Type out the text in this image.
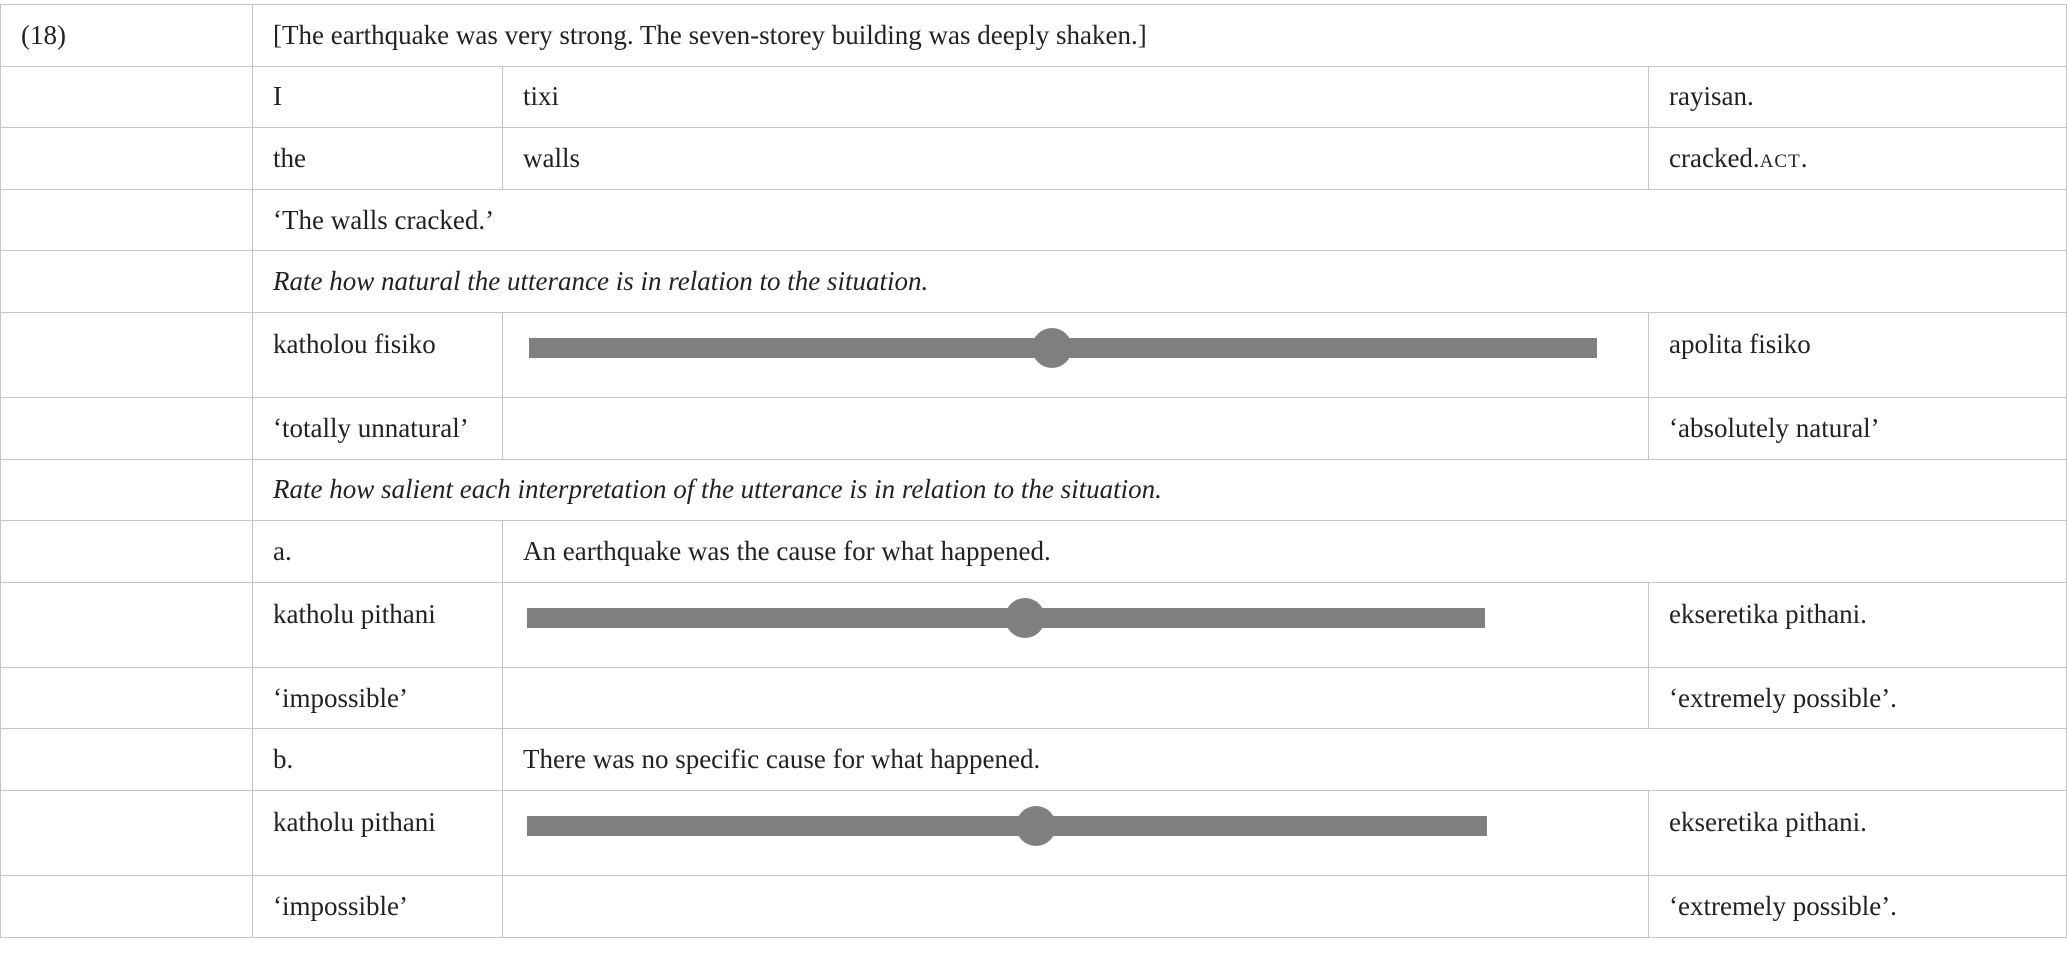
(18)	[The earthquake was very strong. The seven-storey building was deeply shaken.]		
	I	tixi	rayisan.
	the	walls	cracked.act.
	‘The walls cracked.’		
	Rate how natural the utterance is in relation to the situation.		
	katholou fisiko		apolita fisiko
	‘totally unnatural’		‘absolutely natural’
	Rate how salient each interpretation of the utterance is in relation to the situation.		
	a.	An earthquake was the cause for what happened.	
	katholu pithani		ekseretika pithani.
	‘impossible’		‘extremely possible’.
	b.	There was no specific cause for what happened.	
	katholu pithani		ekseretika pithani.
	‘impossible’		‘extremely possible’.
